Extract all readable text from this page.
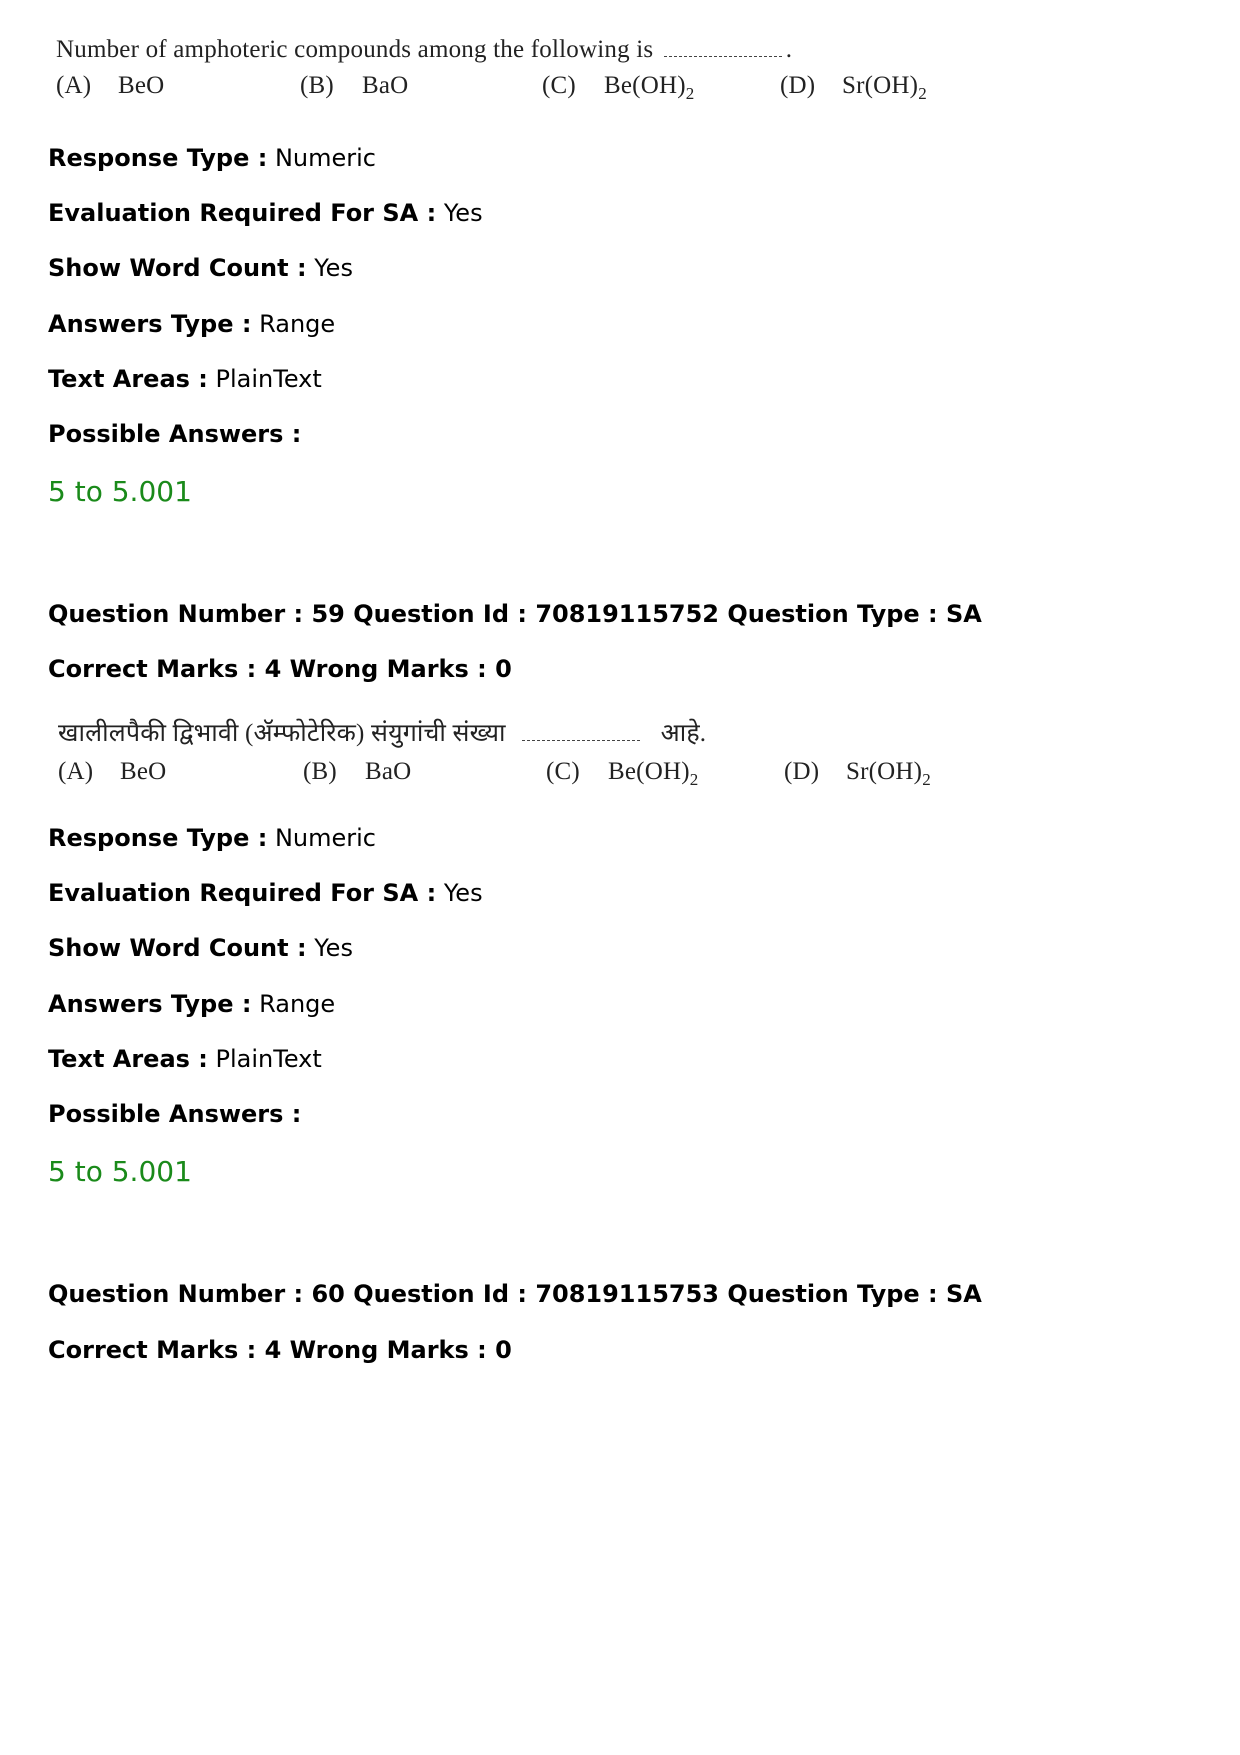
Number of amphoteric compounds among the following is	.
(A) BeO	(B) BaO	(C) $Be(OH)_2$	(D) $Sr(OH)_2$
Response Type : Numeric
Evaluation Required For SA : Yes
Show Word Count : Yes
Answers Type : Range
Text Areas : PlainText
Possible Answers :
5 to 5.001
Question Number : 59 Question Id : 70819115752 Question Type : SA
Correct Marks : 4 Wrong Marks : 0
खालीलपैकी द्विभावी (ॲम्फोटेरिक) संयुगांची संख्या	आहे.
(A) BeO	(B) BaO	(C) $Be(OH)_2$	(D) $Sr(OH)_2$
Response Type : Numeric
Evaluation Required For SA : Yes
Show Word Count : Yes
Answers Type : Range
Text Areas : PlainText
Possible Answers :
5 to 5.001
Question Number : 60 Question Id : 70819115753 Question Type : SA
Correct Marks : 4 Wrong Marks : 0
